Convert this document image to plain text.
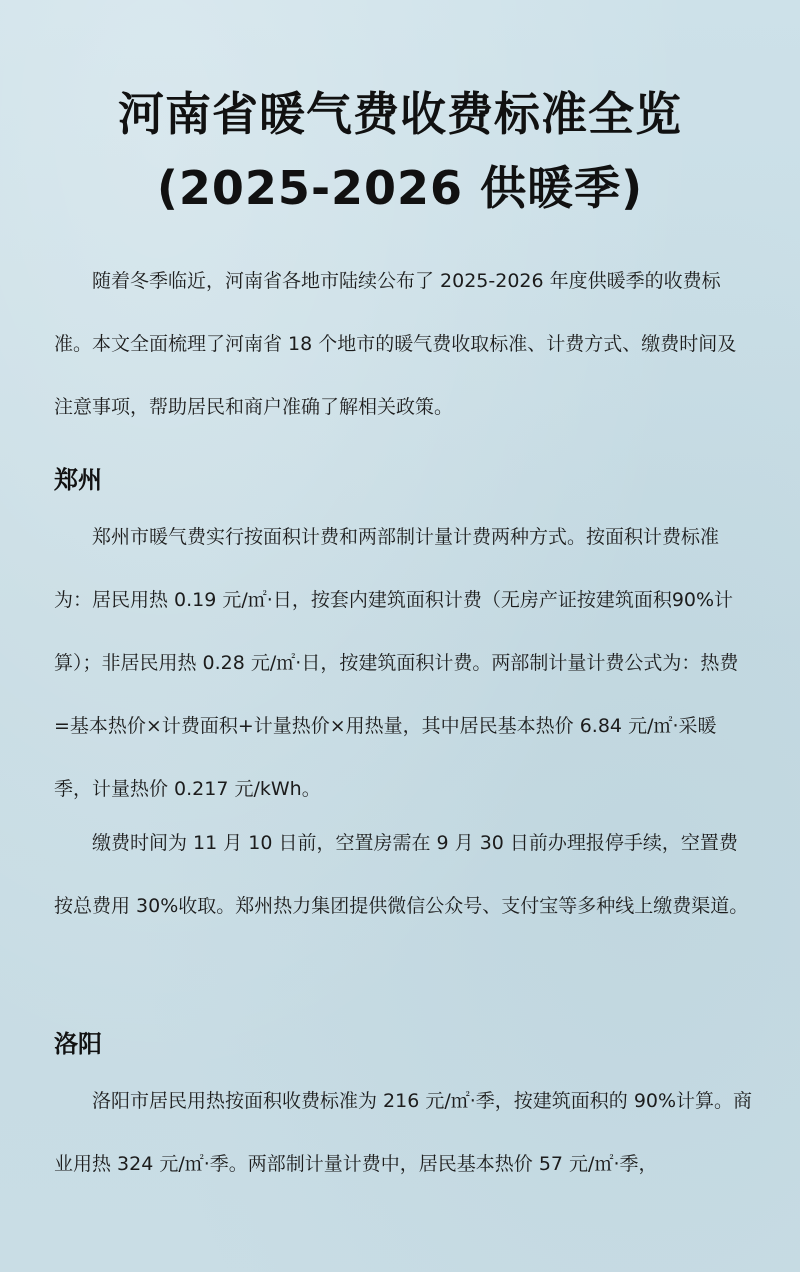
河南省暖气费收费标准全览
(2025-2026 供暖季)

随着冬季临近，河南省各地市陆续公布了 2025-2026 年度供暖季的收费标准。本文全面梳理了河南省 18 个地市的暖气费收取标准、计费方式、缴费时间及注意事项，帮助居民和商户准确了解相关政策。

郑州

郑州市暖气费实行按面积计费和两部制计量计费两种方式。按面积计费标准为：居民用热 0.19 元/㎡·日，按套内建筑面积计费（无房产证按建筑面积90%计算）；非居民用热 0.28 元/㎡·日，按建筑面积计费。两部制计量计费公式为：热费=基本热价×计费面积+计量热价×用热量，其中居民基本热价 6.84 元/㎡·采暖季，计量热价 0.217 元/kWh。

缴费时间为 11 月 10 日前，空置房需在 9 月 30 日前办理报停手续，空置费按总费用 30%收取。郑州热力集团提供微信公众号、支付宝等多种线上缴费渠道。

洛阳

洛阳市居民用热按面积收费标准为 216 元/㎡·季，按建筑面积的 90%计算。商业用热 324 元/㎡·季。两部制计量计费中，居民基本热价 57 元/㎡·季，
